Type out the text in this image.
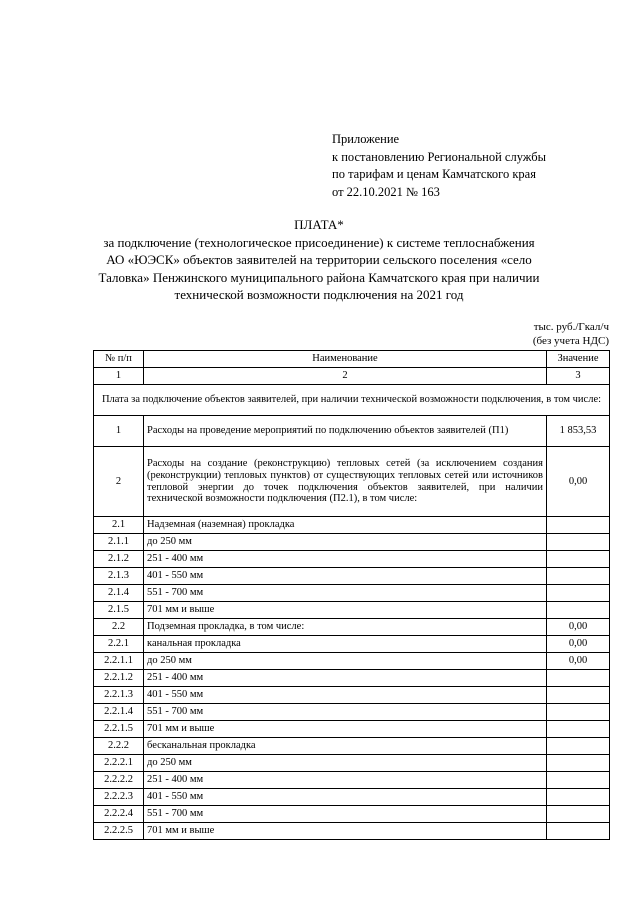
Приложение
к постановлению Региональной службы
по тарифам и ценам Камчатского края
от 22.10.2021 № 163
ПЛАТА*
за подключение (технологическое присоединение) к системе теплоснабжения
АО «ЮЭСК» объектов заявителей на территории сельского поселения «село
Таловка» Пенжинского муниципального района Камчатского края при наличии
технической возможности подключения на 2021 год
тыс. руб./Гкал/ч
(без учета НДС)
№ п/п	Наименование	Значение
1	2	3
Плата за подключение объектов заявителей, при наличии технической возможности подключения, в том числе:		
1	Расходы на проведение мероприятий по подключению объектов заявителей (П1)	1 853,53
2	Расходы на создание (реконструкцию) тепловых сетей (за исключением создания (реконструкции) тепловых пунктов) от существующих тепловых сетей или источников тепловой энергии до точек подключения объектов заявителей, при наличии технической возможности подключения (П2.1), в том числе:	0,00
2.1	Надземная (наземная) прокладка	
2.1.1	до 250 мм	
2.1.2	251 - 400 мм	
2.1.3	401 - 550 мм	
2.1.4	551 - 700 мм	
2.1.5	701 мм и выше	
2.2	Подземная прокладка, в том числе:	0,00
2.2.1	канальная прокладка	0,00
2.2.1.1	до 250 мм	0,00
2.2.1.2	251 - 400 мм	
2.2.1.3	401 - 550 мм	
2.2.1.4	551 - 700 мм	
2.2.1.5	701 мм и выше	
2.2.2	бесканальная прокладка	
2.2.2.1	до 250 мм	
2.2.2.2	251 - 400 мм	
2.2.2.3	401 - 550 мм	
2.2.2.4	551 - 700 мм	
2.2.2.5	701 мм и выше	
